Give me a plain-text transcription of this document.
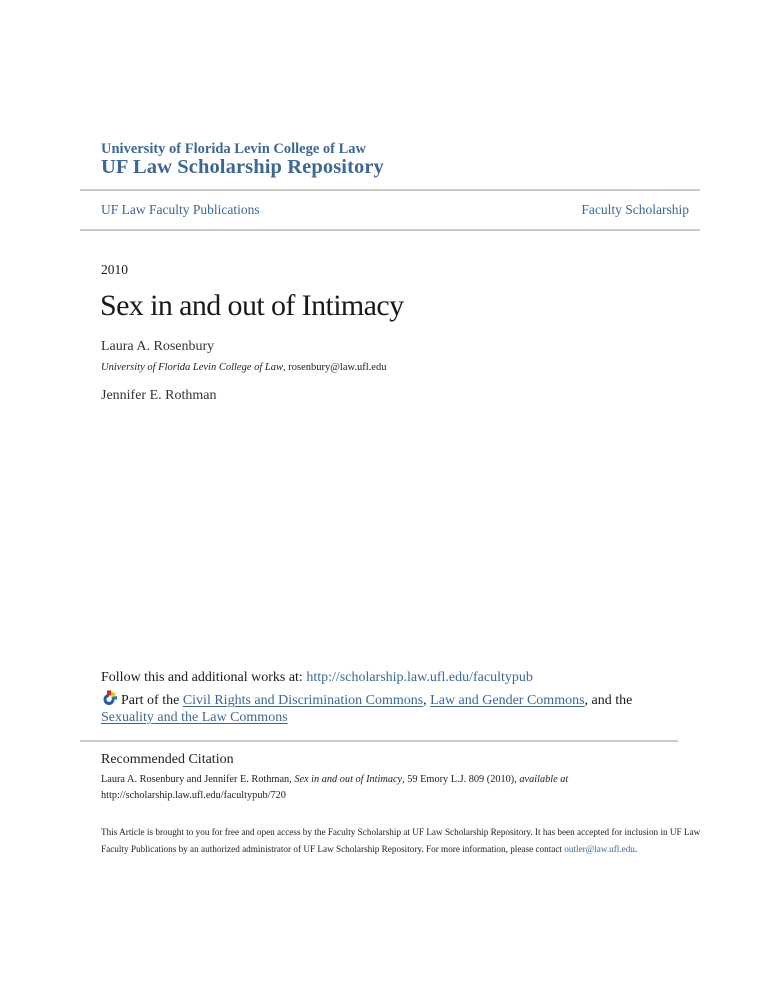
University of Florida Levin College of Law
UF Law Scholarship Repository
UF Law Faculty Publications	Faculty Scholarship
2010
Sex in and out of Intimacy
Laura A. Rosenbury
University of Florida Levin College of Law, rosenbury@law.ufl.edu
Jennifer E. Rothman
Follow this and additional works at: http://scholarship.law.ufl.edu/facultypub
Part of the Civil Rights and Discrimination Commons, Law and Gender Commons, and the
Sexuality and the Law Commons
Recommended Citation
Laura A. Rosenbury and Jennifer E. Rothman, Sex in and out of Intimacy, 59 Emory L.J. 809 (2010), available at
http://scholarship.law.ufl.edu/facultypub/720
This Article is brought to you for free and open access by the Faculty Scholarship at UF Law Scholarship Repository. It has been accepted for inclusion in UF Law Faculty Publications by an authorized administrator of UF Law Scholarship Repository. For more information, please contact outler@law.ufl.edu.
